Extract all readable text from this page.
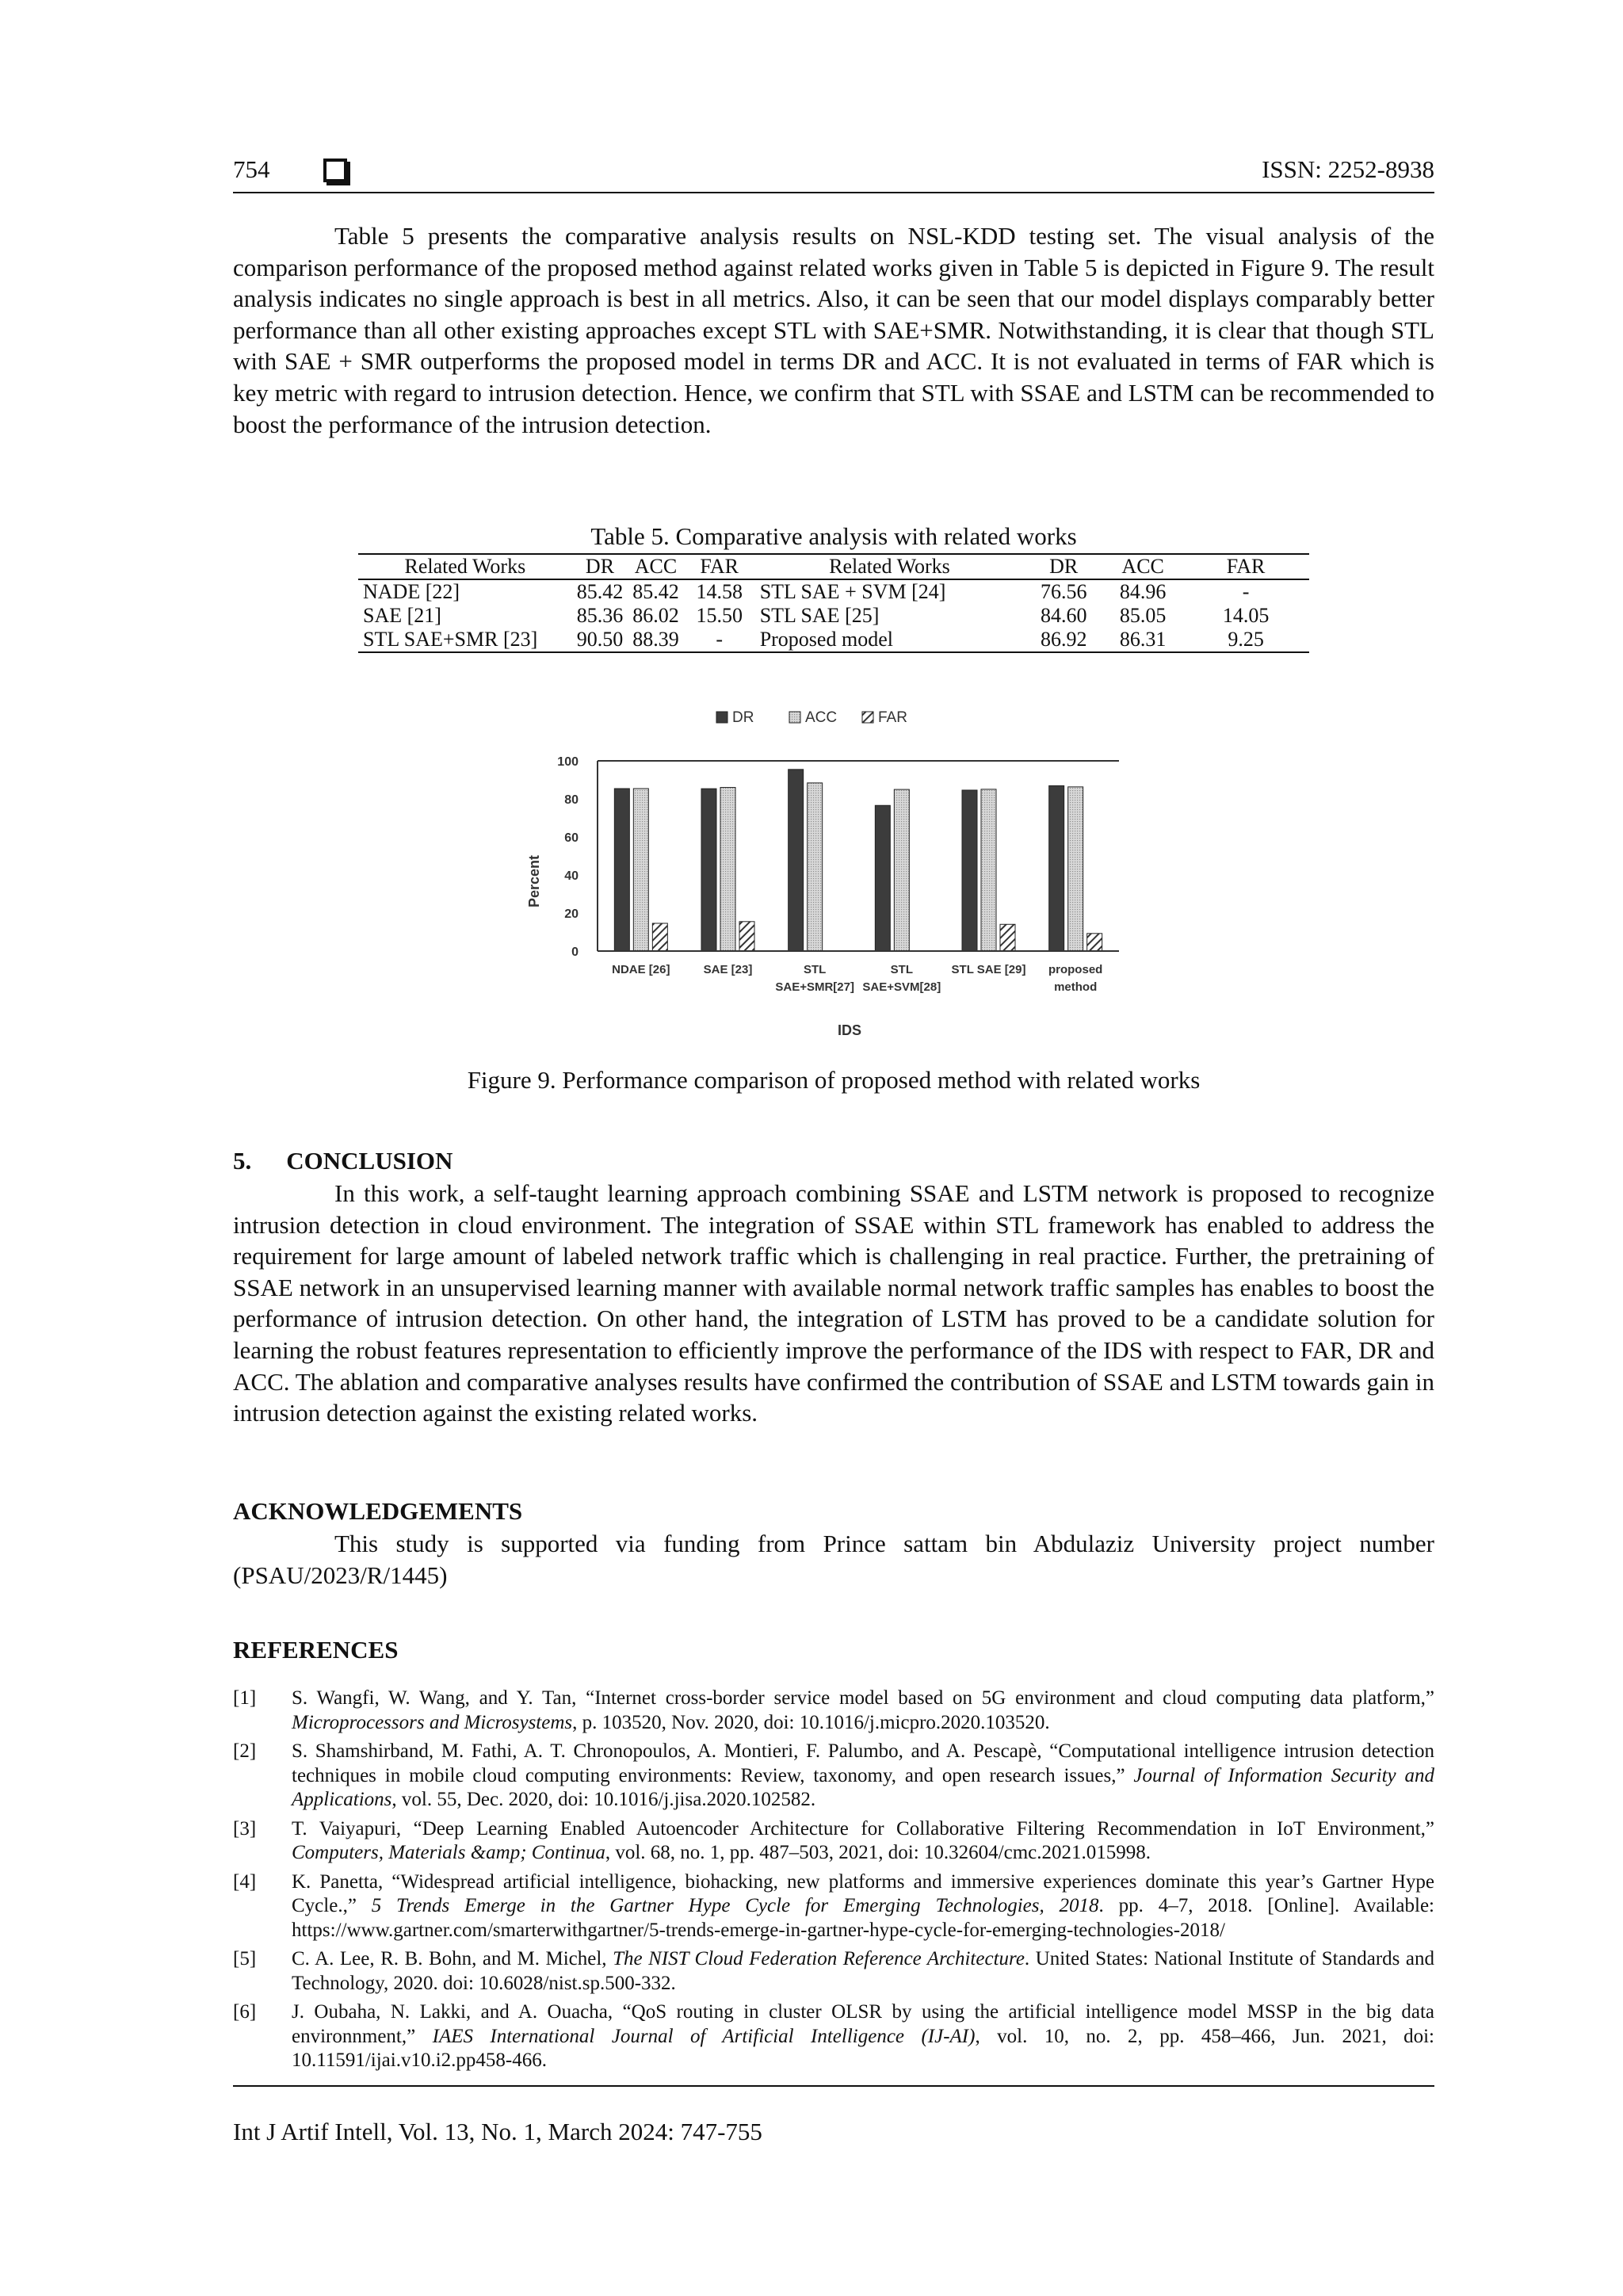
754	ISSN: 2252-8938
Table 5 presents the comparative analysis results on NSL-KDD testing set. The visual analysis of the comparison performance of the proposed method against related works given in Table 5 is depicted in Figure 9. The result analysis indicates no single approach is best in all metrics. Also, it can be seen that our model displays comparably better performance than all other existing approaches except STL with SAE+SMR. Notwithstanding, it is clear that though STL with SAE + SMR outperforms the proposed model in terms DR and ACC. It is not evaluated in terms of FAR which is key metric with regard to intrusion detection. Hence, we confirm that STL with SSAE and LSTM can be recommended to boost the performance of the intrusion detection.
Table 5. Comparative analysis with related works
Related Works	DR	ACC	FAR	Related Works	DR	ACC	FAR
NADE [22]	85.42	85.42	14.58	STL SAE + SVM [24]	76.56	84.96	-
SAE [21]	85.36	86.02	15.50	STL SAE [25]	84.60	85.05	14.05
STL SAE+SMR [23]	90.50	88.39	-	Proposed model	86.92	86.31	9.25
DR	ACC	FAR
0
20
40
60
80
100
NDAE [26]	SAE [23]	STL
SAE+SMR[27]
STL
SAE+SVM[28]
STL SAE [29] proposed
method
Percent
IDS
Figure 9. Performance comparison of proposed method with related works
5. CONCLUSION
In this work, a self-taught learning approach combining SSAE and LSTM network is proposed to recognize intrusion detection in cloud environment. The integration of SSAE within STL framework has enabled to address the requirement for large amount of labeled network traffic which is challenging in real practice. Further, the pretraining of SSAE network in an unsupervised learning manner with available normal network traffic samples has enables to boost the performance of intrusion detection. On other hand, the integration of LSTM has proved to be a candidate solution for learning the robust features representation to efficiently improve the performance of the IDS with respect to FAR, DR and ACC. The ablation and comparative analyses results have confirmed the contribution of SSAE and LSTM towards gain in intrusion detection against the existing related works.
ACKNOWLEDGEMENTS
This study is supported via funding from Prince sattam bin Abdulaziz University project number (PSAU/2023/R/1445)
REFERENCES
[1] S. Wangfi, W. Wang, and Y. Tan, “Internet cross-border service model based on 5G environment and cloud computing data platform,” Microprocessors and Microsystems, p. 103520, Nov. 2020, doi: 10.1016/j.micpro.2020.103520.
[2] S. Shamshirband, M. Fathi, A. T. Chronopoulos, A. Montieri, F. Palumbo, and A. Pescapè, “Computational intelligence intrusion detection techniques in mobile cloud computing environments: Review, taxonomy, and open research issues,” Journal of Information Security and Applications, vol. 55, Dec. 2020, doi: 10.1016/j.jisa.2020.102582.
[3] T. Vaiyapuri, “Deep Learning Enabled Autoencoder Architecture for Collaborative Filtering Recommendation in IoT Environment,” Computers, Materials &amp; Continua, vol. 68, no. 1, pp. 487–503, 2021, doi: 10.32604/cmc.2021.015998.
[4] K. Panetta, “Widespread artificial intelligence, biohacking, new platforms and immersive experiences dominate this year’s Gartner Hype Cycle.,” 5 Trends Emerge in the Gartner Hype Cycle for Emerging Technologies, 2018. pp. 4–7, 2018. [Online]. Available: https://www.gartner.com/smarterwithgartner/5-trends-emerge-in-gartner-hype-cycle-for-emerging-technologies-2018/
[5] C. A. Lee, R. B. Bohn, and M. Michel, The NIST Cloud Federation Reference Architecture. United States: National Institute of Standards and Technology, 2020. doi: 10.6028/nist.sp.500-332.
[6] J. Oubaha, N. Lakki, and A. Ouacha, “QoS routing in cluster OLSR by using the artificial intelligence model MSSP in the big data environnment,” IAES International Journal of Artificial Intelligence (IJ-AI), vol. 10, no. 2, pp. 458–466, Jun. 2021, doi: 10.11591/ijai.v10.i2.pp458-466.
Int J Artif Intell, Vol. 13, No. 1, March 2024: 747-755
